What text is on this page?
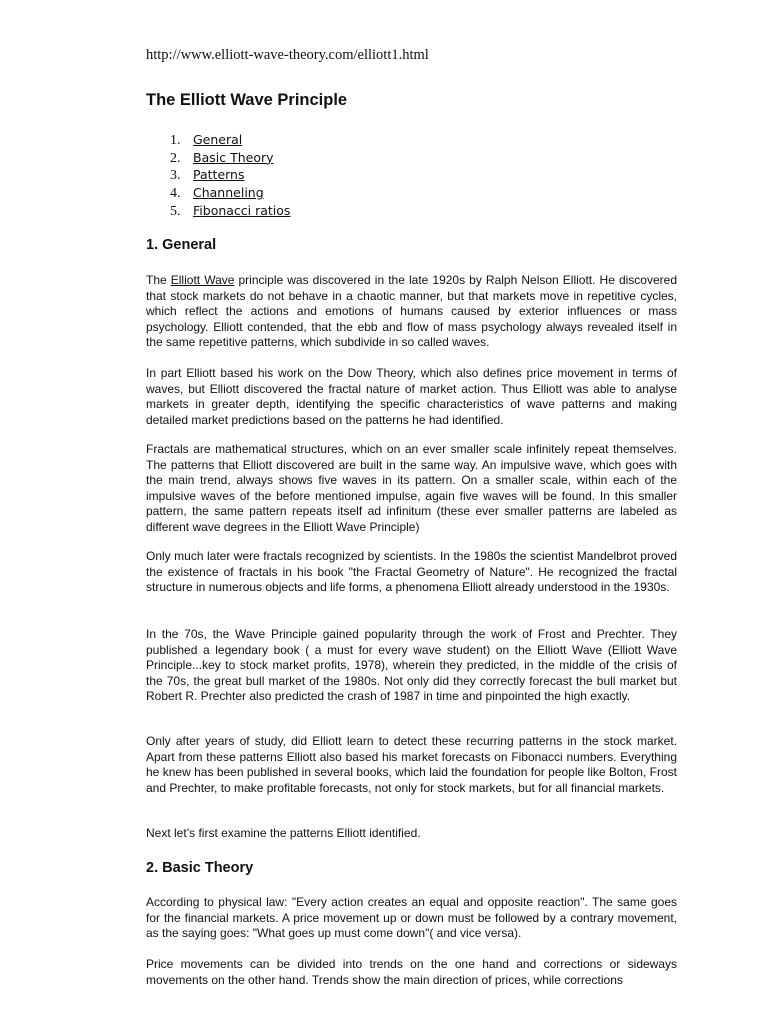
http://www.elliott-wave-theory.com/elliott1.html
The Elliott Wave Principle
1. General
2. Basic Theory
3. Patterns
4. Channeling
5. Fibonacci ratios
1. General

The Elliott Wave principle was discovered in the late 1920s by Ralph Nelson Elliott. He discovered that stock markets do not behave in a chaotic manner, but that markets move in repetitive cycles, which reflect the actions and emotions of humans caused by exterior influences or mass psychology. Elliott contended, that the ebb and flow of mass psychology always revealed itself in the same repetitive patterns, which subdivide in so called waves.

In part Elliott based his work on the Dow Theory, which also defines price movement in terms of waves, but Elliott discovered the fractal nature of market action. Thus Elliott was able to analyse markets in greater depth, identifying the specific characteristics of wave patterns and making detailed market predictions based on the patterns he had identified.

Fractals are mathematical structures, which on an ever smaller scale infinitely repeat themselves. The patterns that Elliott discovered are built in the same way. An impulsive wave, which goes with the main trend, always shows five waves in its pattern. On a smaller scale, within each of the impulsive waves of the before mentioned impulse, again five waves will be found. In this smaller pattern, the same pattern repeats itself ad infinitum (these ever smaller patterns are labeled as different wave degrees in the Elliott Wave Principle)

Only much later were fractals recognized by scientists. In the 1980s the scientist Mandelbrot proved the existence of fractals in his book "the Fractal Geometry of Nature". He recognized the fractal structure in numerous objects and life forms, a phenomena Elliott already understood in the 1930s.

In the 70s, the Wave Principle gained popularity through the work of Frost and Prechter. They published a legendary book ( a must for every wave student) on the Elliott Wave (Elliott Wave Principle...key to stock market profits, 1978), wherein they predicted, in the middle of the crisis of the 70s, the great bull market of the 1980s. Not only did they correctly forecast the bull market but Robert R. Prechter also predicted the crash of 1987 in time and pinpointed the high exactly.

Only after years of study, did Elliott learn to detect these recurring patterns in the stock market. Apart from these patterns Elliott also based his market forecasts on Fibonacci numbers. Everything he knew has been published in several books, which laid the foundation for people like Bolton, Frost and Prechter, to make profitable forecasts, not only for stock markets, but for all financial markets.

Next let’s first examine the patterns Elliott identified.

2. Basic Theory

According to physical law: "Every action creates an equal and opposite reaction". The same goes for the financial markets. A price movement up or down must be followed by a contrary movement, as the saying goes: "What goes up must come down"( and vice versa).

Price movements can be divided into trends on the one hand and corrections or sideways movements on the other hand. Trends show the main direction of prices, while corrections
